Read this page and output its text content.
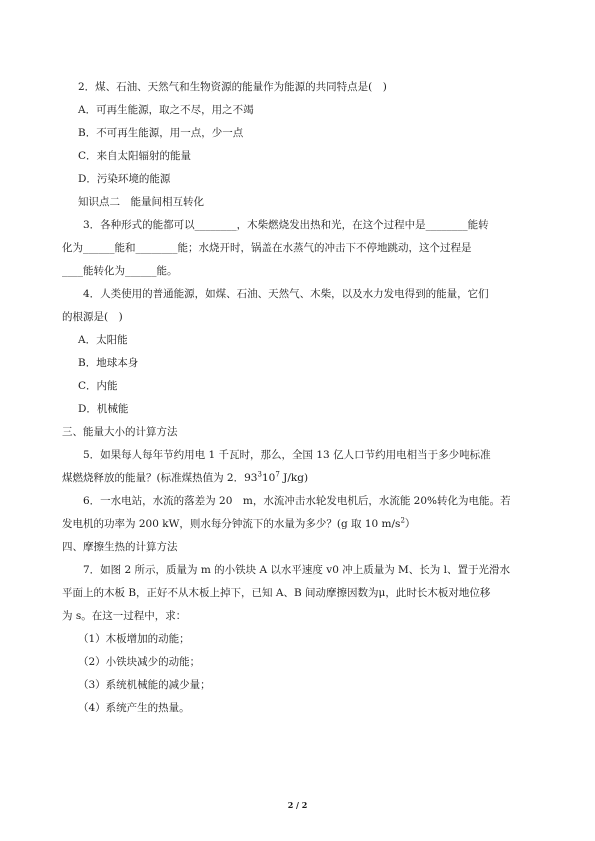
2．煤、石油、天然气和生物资源的能量作为能源的共同特点是(　)
A．可再生能源，取之不尽，用之不竭
B．不可再生能源，用一点，少一点
C．来自太阳辐射的能量
D．污染环境的能源
知识点二　能量间相互转化
3．各种形式的能都可以________，木柴燃烧发出热和光，在这个过程中是________能转
化为______能和________能；水烧开时，锅盖在水蒸气的冲击下不停地跳动，这个过程是
____能转化为______能。
4．人类使用的普通能源，如煤、石油、天然气、木柴，以及水力发电得到的能量，它们
的根源是(　)
A．太阳能
B．地球本身
C．内能
D．机械能
三、能量大小的计算方法
5．如果每人每年节约用电 1 千瓦时，那么，全国 13 亿人口节约用电相当于多少吨标准
煤燃烧释放的能量？(标准煤热值为 2．$93^310^7$ J/kg)
6．一水电站，水流的落差为 20　m，水流冲击水轮发电机后，水流能 20%转化为电能。若
发电机的功率为 200 kW，则水每分钟流下的水量为多少？(g 取 10 $m/s^2$）
四、摩擦生热的计算方法
7．如图 2 所示，质量为 m 的小铁块 A 以水平速度 v0 冲上质量为 M、长为 l、置于光滑水
平面上的木板 B，正好不从木板上掉下，已知 A、B 间动摩擦因数为μ，此时长木板对地位移
为 s。在这一过程中，求：
（1）木板增加的动能；
（2）小铁块减少的动能；
（3）系统机械能的减少量；
（4）系统产生的热量。
2 / 2
